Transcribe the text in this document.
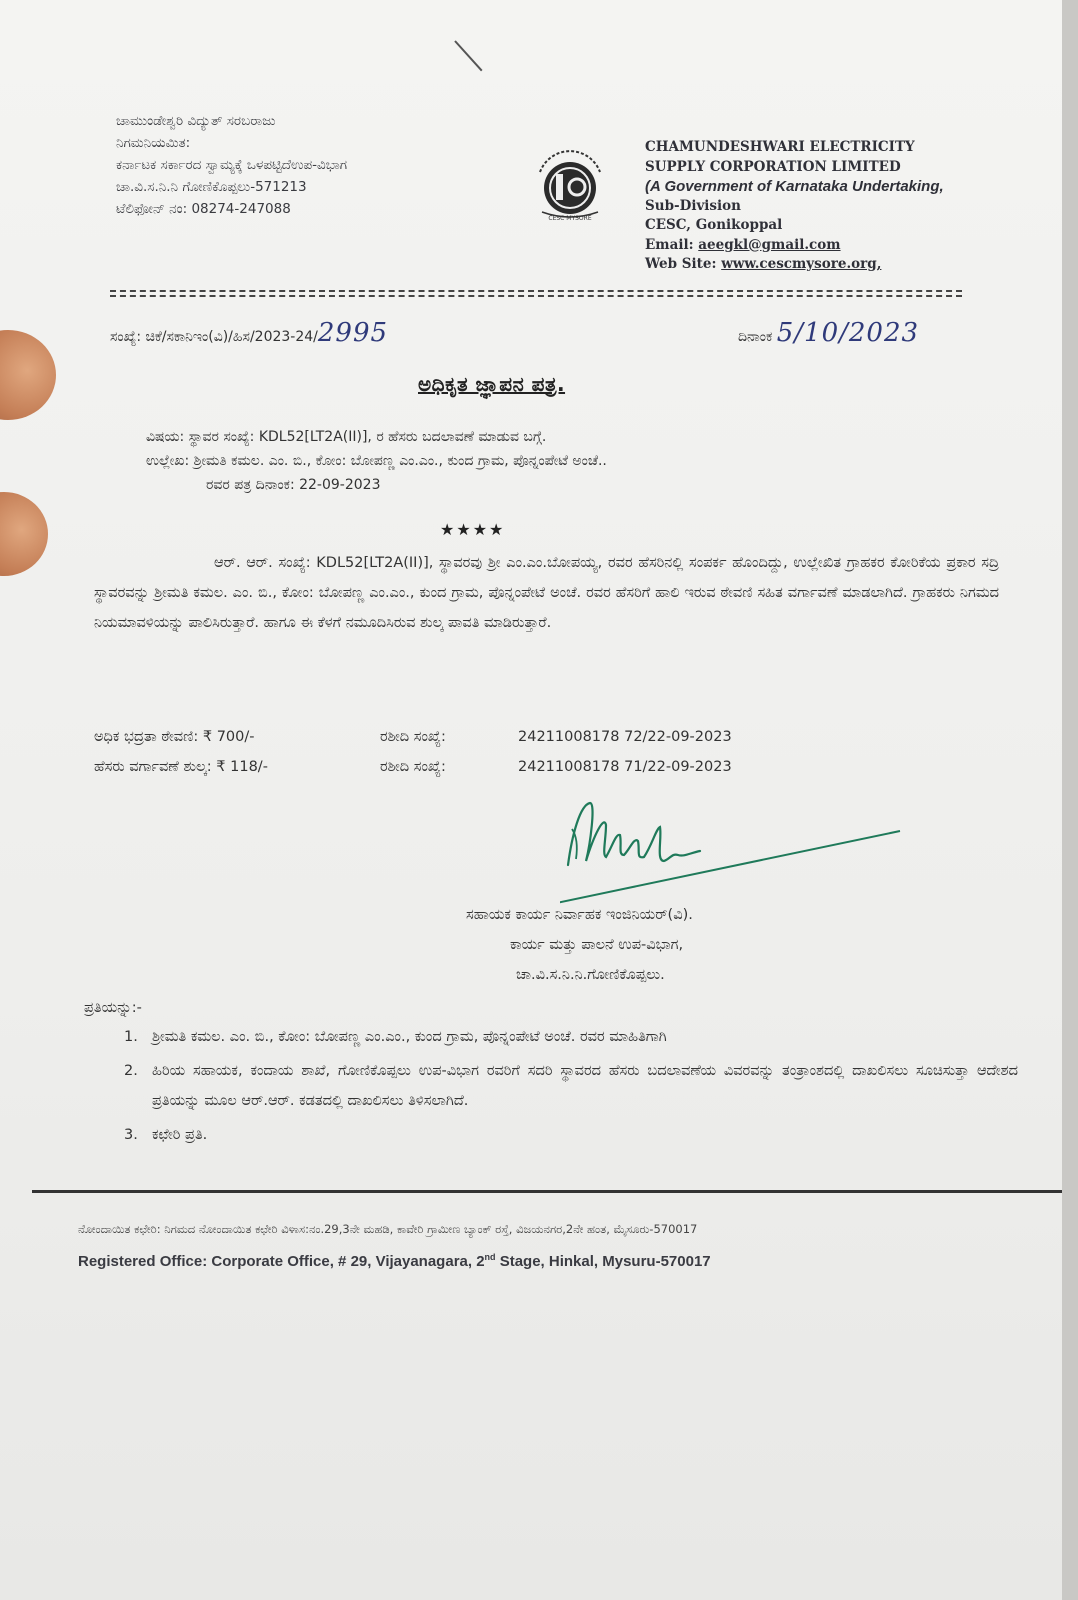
ಚಾಮುಂಡೇಶ್ವರಿ ವಿದ್ಯುತ್ ಸರಬರಾಜು
ನಿಗಮನಿಯಮಿತ:
ಕರ್ನಾಟಕ ಸರ್ಕಾರದ ಸ್ವಾಮ್ಯಕ್ಕೆ ಒಳಪಟ್ಟಿದೆಉಪ-ವಿಭಾಗ
ಚಾ.ವಿ.ಸ.ನಿ.ನಿ ಗೋಣಿಕೊಪ್ಪಲು-571213
ಟೆಲಿಫೋನ್ ನಂ: 08274-247088
CESC MYSORE
CHAMUNDESHWARI ELECTRICITY
SUPPLY CORPORATION LIMITED
(A Government of Karnataka Undertaking,
Sub-Division
CESC, Gonikoppal
Email: aeegkl@gmail.com
Web Site: www.cescmysore.org,
ಸಂಖ್ಯೆ: ಚಿಕೆ/ಸಕಾನಿಇಂ(ವಿ)/ಹಿಸ/2023-24/2995	ದಿನಾಂಕ 5/10/2023
ಅಧಿಕೃತ ಜ್ಞಾಪನ ಪತ್ರ.
ವಿಷಯ: ಸ್ಥಾವರ ಸಂಖ್ಯೆ: KDL52[LT2A(II)], ರ ಹೆಸರು ಬದಲಾವಣೆ ಮಾಡುವ ಬಗ್ಗೆ.
ಉಲ್ಲೇಖ: ಶ್ರೀಮತಿ ಕಮಲ. ಎಂ. ಬಿ., ಕೋಂ: ಬೋಪಣ್ಣ ಎಂ.ಎಂ., ಕುಂದ ಗ್ರಾಮ, ಪೊನ್ನಂಪೇಟೆ ಅಂಚೆ..
ರವರ ಪತ್ರ ದಿನಾಂಕ: 22-09-2023
★★★★
ಆರ್. ಆರ್. ಸಂಖ್ಯೆ: KDL52[LT2A(II)], ಸ್ಥಾವರವು ಶ್ರೀ ಎಂ.ಎಂ.ಬೋಪಯ್ಯ, ರವರ ಹೆಸರಿನಲ್ಲಿ ಸಂಪರ್ಕ ಹೊಂದಿದ್ದು, ಉಲ್ಲೇಖಿತ ಗ್ರಾಹಕರ ಕೋರಿಕೆಯ ಪ್ರಕಾರ ಸದ್ರಿ ಸ್ಥಾವರವನ್ನು ಶ್ರೀಮತಿ ಕಮಲ. ಎಂ. ಬಿ., ಕೋಂ: ಬೋಪಣ್ಣ ಎಂ.ಎಂ., ಕುಂದ ಗ್ರಾಮ, ಪೊನ್ನಂಪೇಟೆ ಅಂಚೆ. ರವರ ಹೆಸರಿಗೆ ಹಾಲಿ ಇರುವ ಠೇವಣಿ ಸಹಿತ ವರ್ಗಾವಣೆ ಮಾಡಲಾಗಿದೆ. ಗ್ರಾಹಕರು ನಿಗಮದ ನಿಯಮಾವಳಿಯನ್ನು ಪಾಲಿಸಿರುತ್ತಾರೆ. ಹಾಗೂ ಈ ಕೆಳಗೆ ನಮೂದಿಸಿರುವ ಶುಲ್ಕ ಪಾವತಿ ಮಾಡಿರುತ್ತಾರೆ.
ಅಧಿಕ ಭದ್ರತಾ ಠೇವಣಿ: ₹ 700/-	ರಶೀದಿ ಸಂಖ್ಯೆ:	24211008178 72/22-09-2023
ಹೆಸರು ವರ್ಗಾವಣೆ ಶುಲ್ಕ: ₹ 118/-	ರಶೀದಿ ಸಂಖ್ಯೆ:	24211008178 71/22-09-2023
ಸಹಾಯಕ ಕಾರ್ಯ ನಿರ್ವಾಹಕ ಇಂಜಿನಿಯರ್(ವಿ).
ಕಾರ್ಯ ಮತ್ತು ಪಾಲನೆ ಉಪ-ವಿಭಾಗ,
ಚಾ.ವಿ.ಸ.ನಿ.ನಿ.ಗೋಣಿಕೊಪ್ಪಲು.
ಪ್ರತಿಯನ್ನು:-
1. ಶ್ರೀಮತಿ ಕಮಲ. ಎಂ. ಬಿ., ಕೋಂ: ಬೋಪಣ್ಣ ಎಂ.ಎಂ., ಕುಂದ ಗ್ರಾಮ, ಪೊನ್ನಂಪೇಟೆ ಅಂಚೆ. ರವರ ಮಾಹಿತಿಗಾಗಿ
2. ಹಿರಿಯ ಸಹಾಯಕ, ಕಂದಾಯ ಶಾಖೆ, ಗೋಣಿಕೊಪ್ಪಲು ಉಪ-ವಿಭಾಗ ರವರಿಗೆ ಸದರಿ ಸ್ಥಾವರದ ಹೆಸರು ಬದಲಾವಣೆಯ ವಿವರವನ್ನು ತಂತ್ರಾಂಶದಲ್ಲಿ ದಾಖಲಿಸಲು ಸೂಚಿಸುತ್ತಾ ಆದೇಶದ ಪ್ರತಿಯನ್ನು ಮೂಲ ಆರ್.ಆರ್. ಕಡತದಲ್ಲಿ ದಾಖಲಿಸಲು ತಿಳಿಸಲಾಗಿದೆ.
3. ಕಛೇರಿ ಪ್ರತಿ.
ನೋಂದಾಯಿತ ಕಛೇರಿ: ನಿಗಮದ ನೋಂದಾಯಿತ ಕಛೇರಿ ವಿಳಾಸ:ನಂ.29,3ನೇ ಮಹಡಿ, ಕಾವೇರಿ ಗ್ರಾಮೀಣ ಬ್ಯಾಂಕ್ ರಸ್ತೆ, ವಿಜಯನಗರ,2ನೇ ಹಂತ, ಮೈಸೂರು-570017
Registered Office: Corporate Office, # 29, Vijayanagara, 2nd Stage, Hinkal, Mysuru-570017
